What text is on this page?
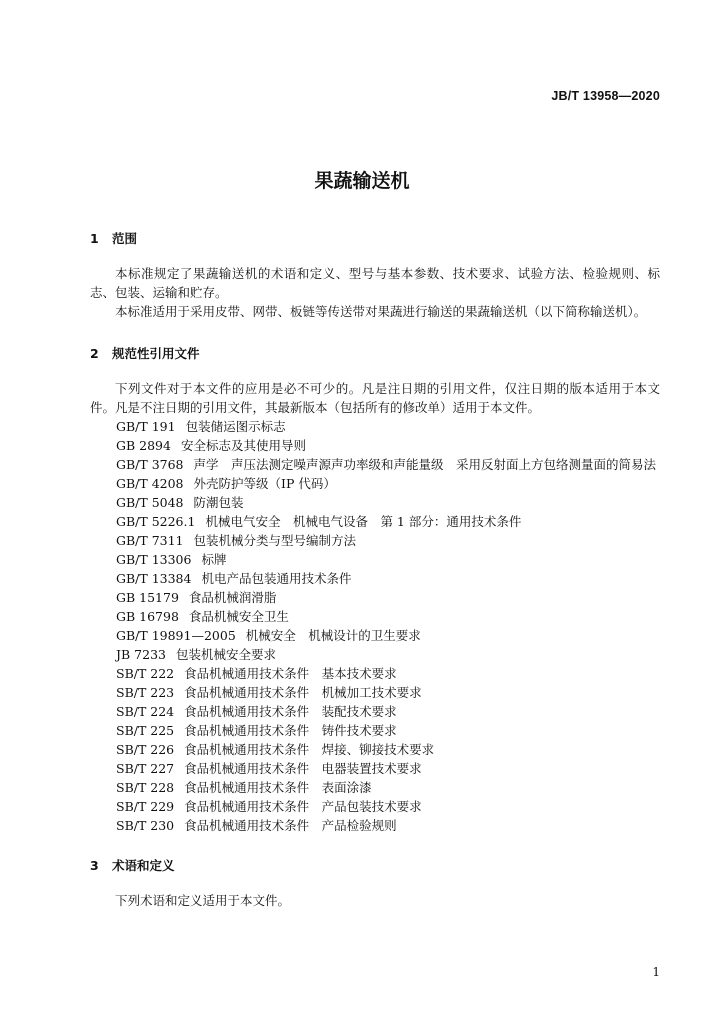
JB/T 13958—2020
果蔬输送机
1 范围
本标准规定了果蔬输送机的术语和定义、型号与基本参数、技术要求、试验方法、检验规则、标志、包装、运输和贮存。
本标准适用于采用皮带、网带、板链等传送带对果蔬进行输送的果蔬输送机（以下简称输送机）。
2 规范性引用文件
下列文件对于本文件的应用是必不可少的。凡是注日期的引用文件，仅注日期的版本适用于本文件。凡是不注日期的引用文件，其最新版本（包括所有的修改单）适用于本文件。
GB/T 191 包装储运图示标志
GB 2894 安全标志及其使用导则
GB/T 3768 声学　声压法测定噪声源声功率级和声能量级　采用反射面上方包络测量面的简易法
GB/T 4208 外壳防护等级（IP 代码）
GB/T 5048 防潮包装
GB/T 5226.1 机械电气安全　机械电气设备　第 1 部分：通用技术条件
GB/T 7311 包装机械分类与型号编制方法
GB/T 13306 标牌
GB/T 13384 机电产品包装通用技术条件
GB 15179 食品机械润滑脂
GB 16798 食品机械安全卫生
GB/T 19891—2005 机械安全　机械设计的卫生要求
JB 7233 包装机械安全要求
SB/T 222 食品机械通用技术条件　基本技术要求
SB/T 223 食品机械通用技术条件　机械加工技术要求
SB/T 224 食品机械通用技术条件　装配技术要求
SB/T 225 食品机械通用技术条件　铸件技术要求
SB/T 226 食品机械通用技术条件　焊接、铆接技术要求
SB/T 227 食品机械通用技术条件　电器装置技术要求
SB/T 228 食品机械通用技术条件　表面涂漆
SB/T 229 食品机械通用技术条件　产品包装技术要求
SB/T 230 食品机械通用技术条件　产品检验规则
3 术语和定义
下列术语和定义适用于本文件。
1
